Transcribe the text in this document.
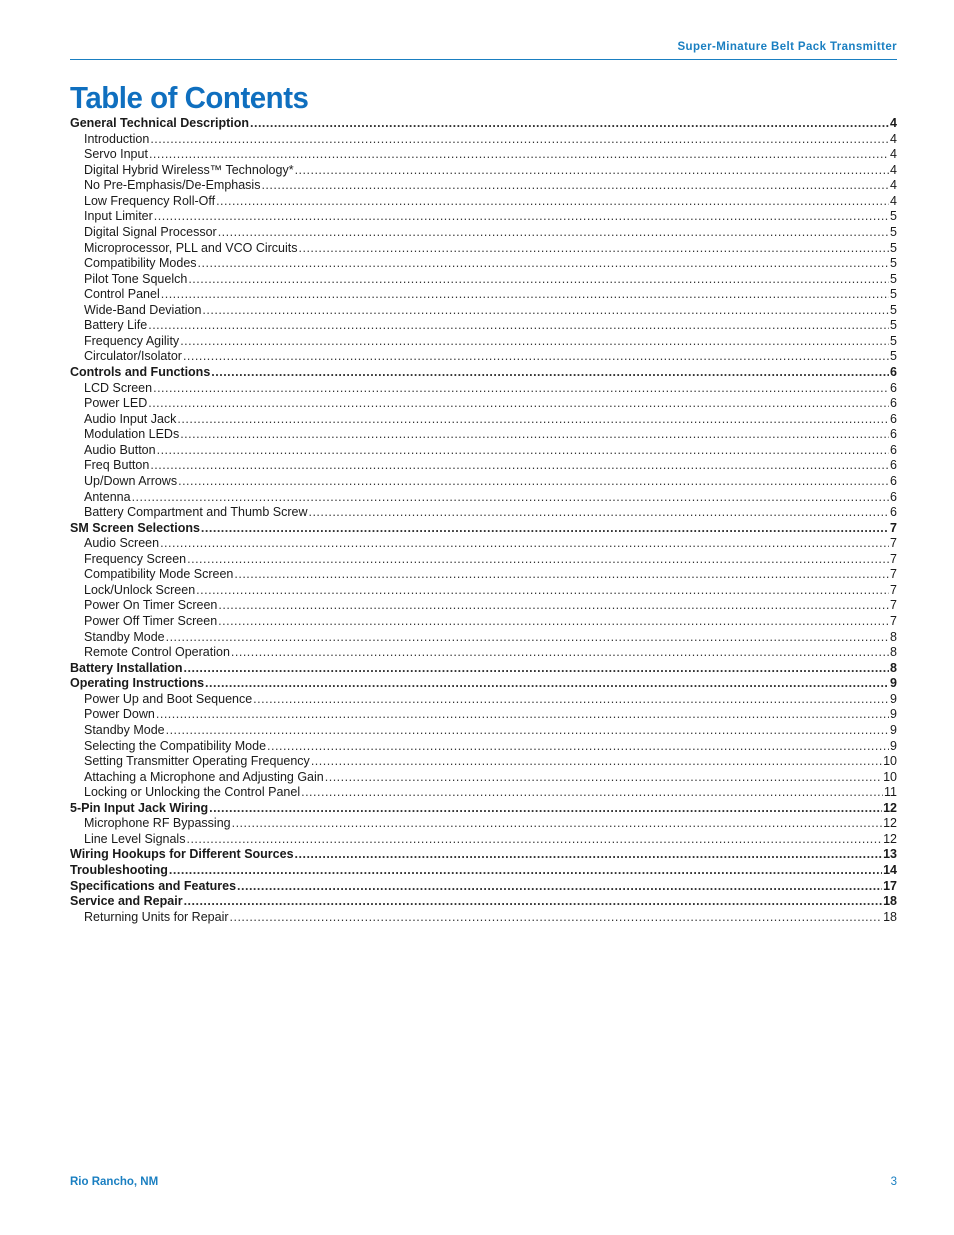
Super-Minature Belt Pack Transmitter
Table of Contents
General Technical Description .....	4
Introduction .....	4
Servo Input .....	4
Digital Hybrid Wireless™ Technology* .....	4
No Pre-Emphasis/De-Emphasis .....	4
Low Frequency Roll-Off .....	4
Input Limiter .....	5
Digital Signal Processor .....	5
Microprocessor, PLL and VCO Circuits .....	5
Compatibility Modes .....	5
Pilot Tone Squelch .....	5
Control Panel .....	5
Wide-Band Deviation .....	5
Battery Life .....	5
Frequency Agility .....	5
Circulator/Isolator .....	5
Controls and Functions .....	6
LCD Screen .....	6
Power LED .....	6
Audio Input Jack .....	6
Modulation LEDs .....	6
Audio Button .....	6
Freq Button .....	6
Up/Down Arrows .....	6
Antenna .....	6
Battery Compartment and Thumb Screw .....	6
SM Screen Selections .....	7
Audio Screen .....	7
Frequency Screen .....	7
Compatibility Mode Screen .....	7
Lock/Unlock Screen .....	7
Power On Timer Screen .....	7
Power Off Timer Screen .....	7
Standby Mode .....	8
Remote Control Operation .....	8
Battery Installation .....	8
Operating Instructions .....	9
Power Up and Boot Sequence .....	9
Power Down .....	9
Standby Mode .....	9
Selecting the Compatibility Mode .....	9
Setting Transmitter Operating Frequency .....	10
Attaching a Microphone and Adjusting Gain .....	10
Locking or Unlocking the Control Panel .....	11
5-Pin Input Jack Wiring .....	12
Microphone RF Bypassing .....	12
Line Level Signals .....	12
Wiring Hookups for Different Sources .....	13
Troubleshooting .....	14
Specifications and Features .....	17
Service and Repair .....	18
Returning Units for Repair .....	18
Rio Rancho, NM	3
